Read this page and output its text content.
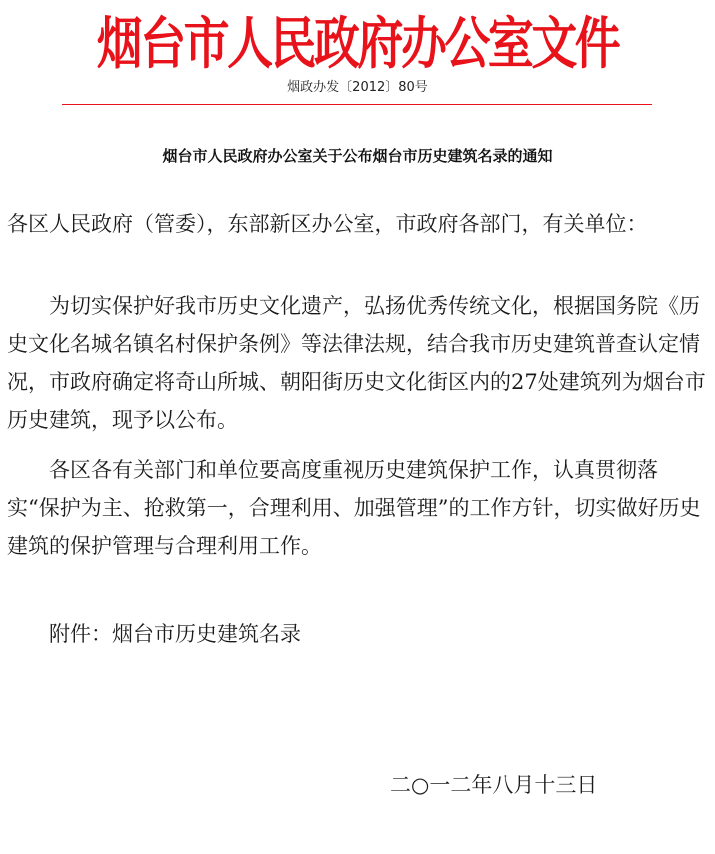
烟台市人民政府办公室文件
烟政办发〔2012〕80号
烟台市人民政府办公室关于公布烟台市历史建筑名录的通知

各区人民政府（管委），东部新区办公室，市政府各部门，有关单位：

为切实保护好我市历史文化遗产，弘扬优秀传统文化，根据国务院《历史文化名城名镇名村保护条例》等法律法规，结合我市历史建筑普查认定情况，市政府确定将奇山所城、朝阳街历史文化街区内的27处建筑列为烟台市历史建筑，现予以公布。

各区各有关部门和单位要高度重视历史建筑保护工作，认真贯彻落实“保护为主、抢救第一，合理利用、加强管理”的工作方针，切实做好历史建筑的保护管理与合理利用工作。

附件：烟台市历史建筑名录
二○一二年八月十三日
